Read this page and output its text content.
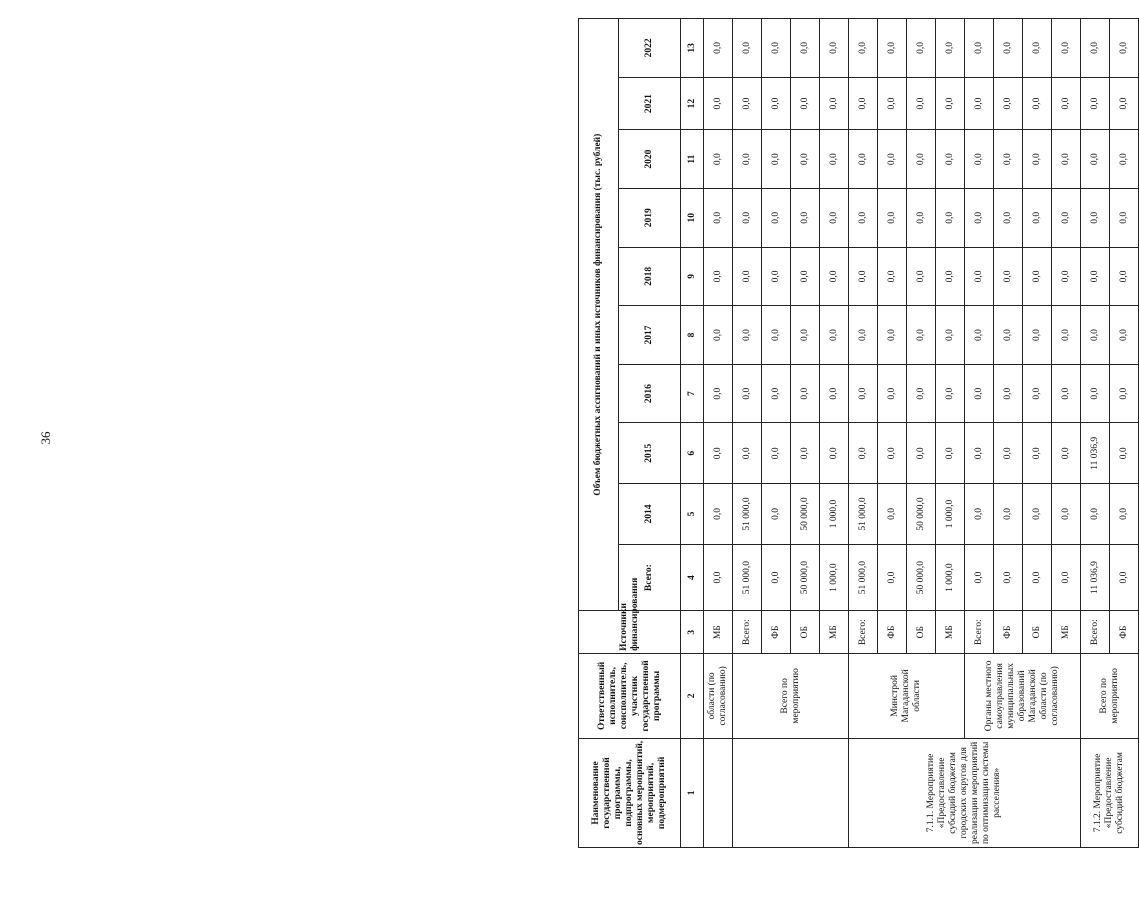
36
Наименование государственной программы, подпрограммы, основных мероприятий, мероприятий, подмероприятий	Ответственный исполнитель, соисполнитель, участник государственной программы	Источники финансирования	Объем бюджетных ассигнований и иных источников финансирования (тыс. рублей)									
			Всего:	2014	2015	2016	2017	2018	2019	2020	2021	2022
1	2	3	4	5	6	7	8	9	10	11	12	13
	области (по согласованию)	МБ	0,0	0,0	0,0	0,0	0,0	0,0	0,0	0,0	0,0	0,0
	Всего по мероприятию	Всего:	51 000,0	51 000,0	0,0	0,0	0,0	0,0	0,0	0,0	0,0	0,0
		ФБ	0,0	0,0	0,0	0,0	0,0	0,0	0,0	0,0	0,0	0,0
		ОБ	50 000,0	50 000,0	0,0	0,0	0,0	0,0	0,0	0,0	0,0	0,0
		МБ	1 000,0	1 000,0	0,0	0,0	0,0	0,0	0,0	0,0	0,0	0,0
7.1.1. Мероприятие «Предоставление субсидий бюджетам городских округов для реализации мероприятий по оптимизации системы расселения»	Минстрой Магаданской области	Всего:	51 000,0	51 000,0	0,0	0,0	0,0	0,0	0,0	0,0	0,0	0,0
		ФБ	0,0	0,0	0,0	0,0	0,0	0,0	0,0	0,0	0,0	0,0
		ОБ	50 000,0	50 000,0	0,0	0,0	0,0	0,0	0,0	0,0	0,0	0,0
		МБ	1 000,0	1 000,0	0,0	0,0	0,0	0,0	0,0	0,0	0,0	0,0
	Органы местного самоуправления муниципальных образований Магаданской области (по согласованию)	Всего:	0,0	0,0	0,0	0,0	0,0	0,0	0,0	0,0	0,0	0,0
		ФБ	0,0	0,0	0,0	0,0	0,0	0,0	0,0	0,0	0,0	0,0
		ОБ	0,0	0,0	0,0	0,0	0,0	0,0	0,0	0,0	0,0	0,0
		МБ	0,0	0,0	0,0	0,0	0,0	0,0	0,0	0,0	0,0	0,0
7.1.2. Мероприятие «Предоставление субсидий бюджетам	Всего по мероприятию	Всего:	11 036,9	0,0	11 036,9	0,0	0,0	0,0	0,0	0,0	0,0	0,0
		ФБ	0,0	0,0	0,0	0,0	0,0	0,0	0,0	0,0	0,0	0,0
